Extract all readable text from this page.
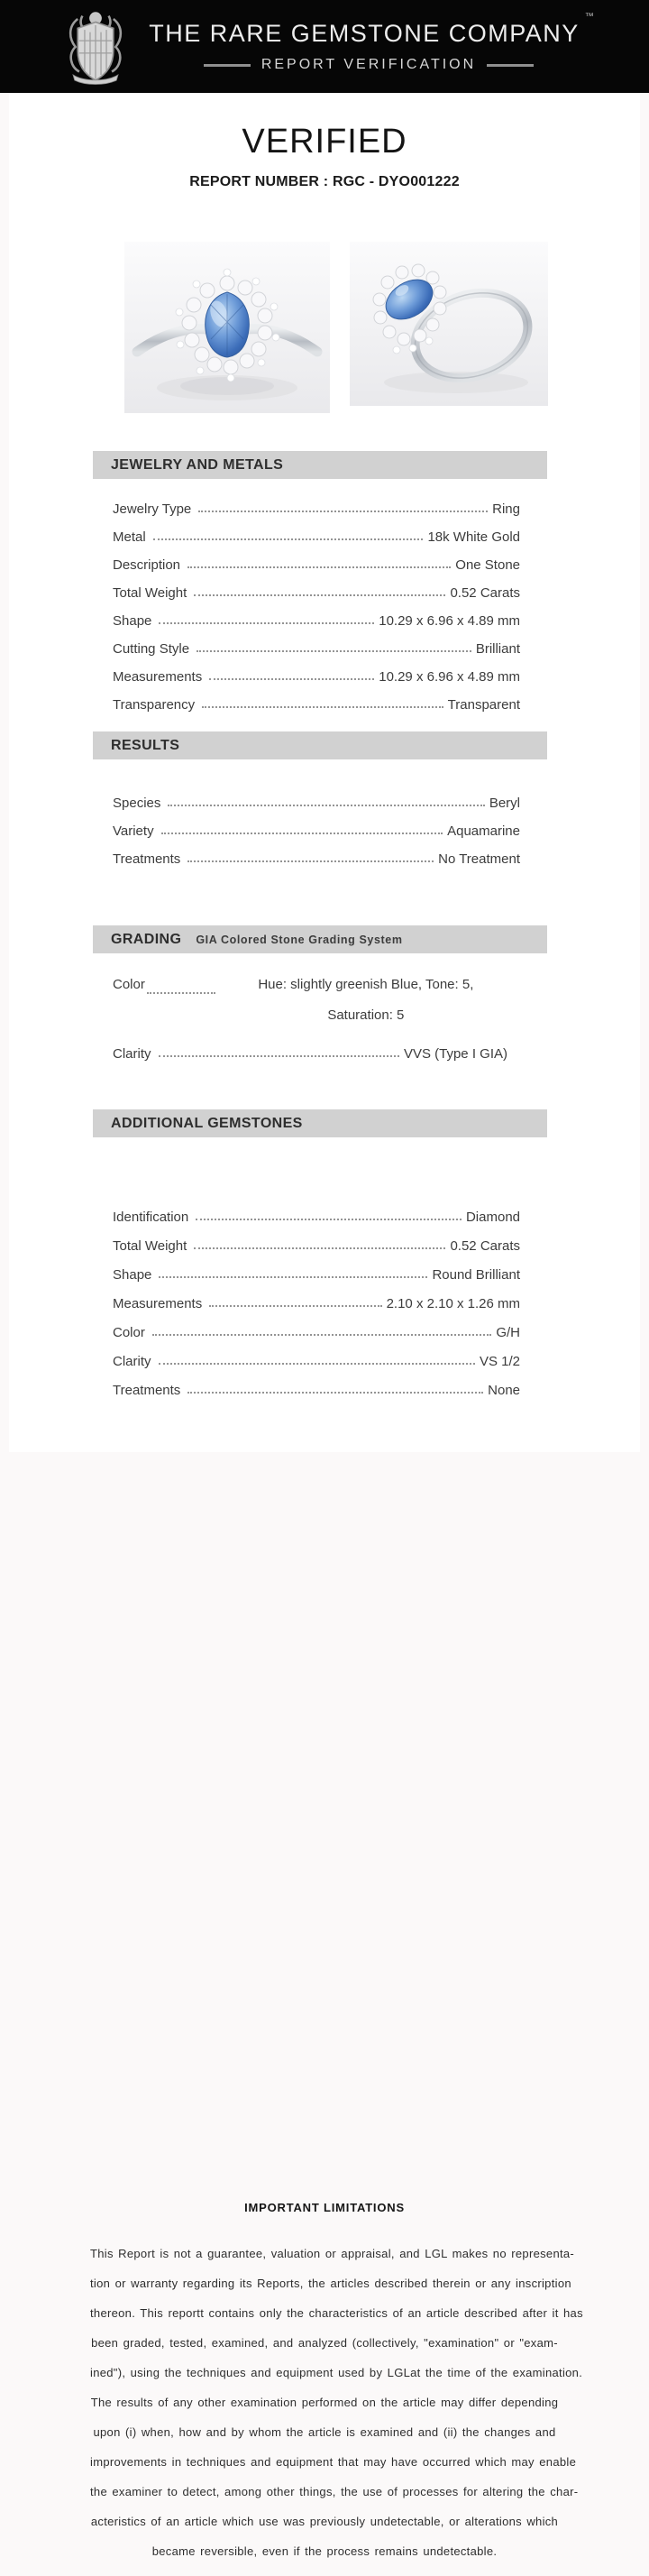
THE RARE GEMSTONE COMPANY™
REPORT VERIFICATION
VERIFIED
REPORT NUMBER : RGC - DYO001222
JEWELRY AND METALS
Jewelry Type	Ring
Metal	18k White Gold
Description	One Stone
Total Weight	0.52 Carats
Shape	10.29 x 6.96 x 4.89 mm
Cutting Style	Brilliant
Measurements	10.29 x 6.96 x 4.89 mm
Transparency	Transparent
RESULTS
Species	Beryl
Variety	Aquamarine
Treatments	No Treatment
GRADING GIA Colored Stone Grading System
Color	Hue: slightly greenish Blue, Tone: 5, Saturation: 5
Clarity	VVS (Type I GIA)
ADDITIONAL GEMSTONES
Identification	Diamond
Total Weight	0.52 Carats
Shape	Round Brilliant
Measurements	2.10 x 2.10 x 1.26 mm
Color	G/H
Clarity	VS 1/2
Treatments	None
IMPORTANT LIMITATIONS
This Report is not a guarantee, valuation or appraisal, and LGL makes no representa-
tion or warranty regarding its Reports, the articles described therein or any inscription
thereon. This reportt contains only the characteristics of an article described after it has
been graded, tested, examined, and analyzed (collectively, "examination" or "exam-
ined"), using the techniques and equipment used by LGLat the time of the examination.
The results of any other examination performed on the article may differ depending
upon (i) when, how and by whom the article is examined and (ii) the changes and
improvements in techniques and equipment that may have occurred which may enable
the examiner to detect, among other things, the use of processes for altering the char-
acteristics of an article which use was previously undetectable, or alterations which
became reversible, even if the process remains undetectable.
